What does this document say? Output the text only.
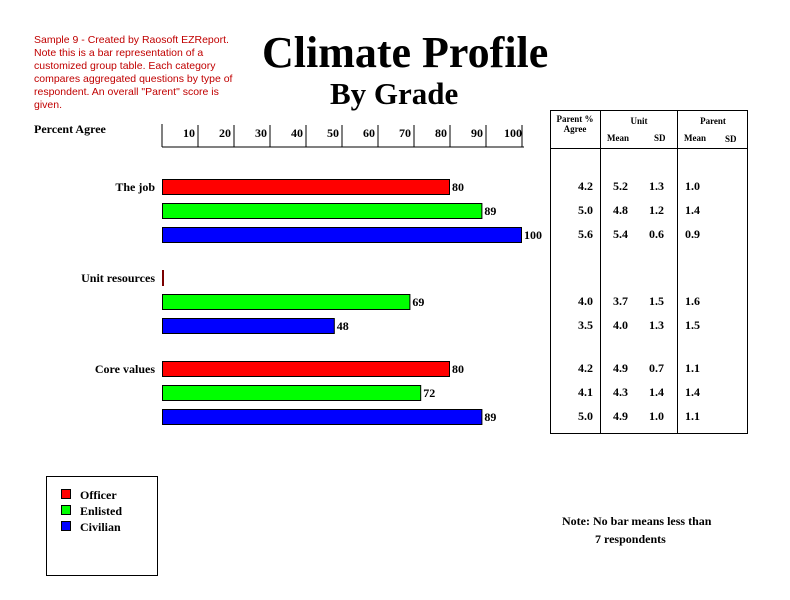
Sample 9 - Created by Raosoft EZReport. Note this is a bar representation of a customized group table. Each category compares aggregated questions by type of respondent. An overall "Parent" score is given.

Climate Profile
By Grade
Percent Agree	10 20 30 40 50 60 70 80 90 100
The job	80
89
100
Unit resources
69
48
Core values	80
72
89
Parent % Agree
Unit	Parent
Mean	SD Mean SD
4.2 5.2 1.3 1.0
5.0 4.8 1.2 1.4
5.6 5.4 0.6 0.9
4.0 3.7 1.5 1.6
3.5 4.0 1.3 1.5
4.2 4.9 0.7 1.1
4.1 4.3 1.4 1.4
5.0 4.9 1.0 1.1
Officer
Enlisted
Civilian	Note: No bar means less than
7 respondents
